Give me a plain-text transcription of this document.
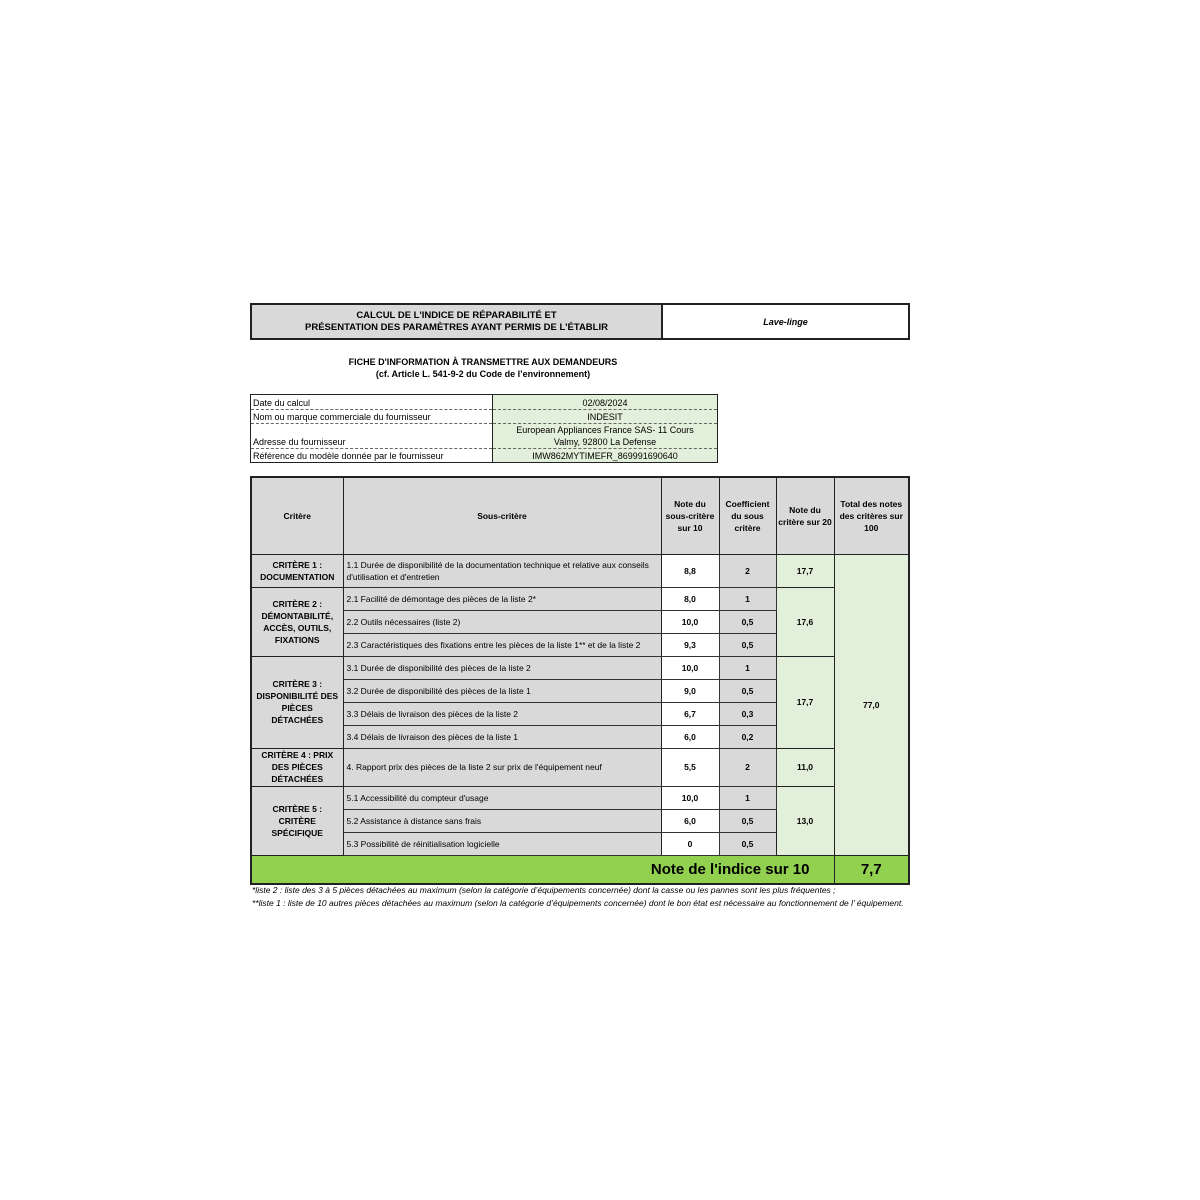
CALCUL DE L'INDICE DE RÉPARABILITÉ ET
PRÉSENTATION DES PARAMÈTRES AYANT PERMIS DE L'ÉTABLIR	Lave-linge
FICHE D'INFORMATION À TRANSMETTRE AUX DEMANDEURS
(cf. Article L. 541-9-2 du Code de l’environnement)
Date du calcul	02/08/2024
Nom ou marque commerciale du fournisseur	INDESIT
Adresse du fournisseur	European Appliances France SAS- 11 Cours Valmy, 92800 La Defense
Référence du modèle donnée par le fournisseur	IMW862MYTIMEFR_869991690640
Critère	Sous-critère	Note du sous-critère sur 10	Coefficient du sous critère	Note du critère sur 20	Total des notes des critères sur 100
CRITÈRE 1 : DOCUMENTATION	1.1 Durée de disponibilité de la documentation technique et relative aux conseils d'utilisation et d'entretien	8,8	2	17,7	77,0
CRITÈRE 2 : DÉMONTABILITÉ, ACCÈS, OUTILS, FIXATIONS	2.1 Facilité de démontage des pièces de la liste 2*	8,0	1	17,6	
	2.2 Outils nécessaires (liste 2)	10,0	0,5		
	2.3 Caractéristiques des fixations entre les pièces de la liste 1** et de la liste 2	9,3	0,5		
CRITÈRE 3 : DISPONIBILITÉ DES PIÈCES DÉTACHÉES	3.1 Durée de disponibilité des pièces de la liste 2	10,0	1	17,7	
	3.2 Durée de disponibilité des pièces de la liste 1	9,0	0,5		
	3.3 Délais de livraison des pièces de la liste 2	6,7	0,3		
	3.4 Délais de livraison des pièces de la liste 1	6,0	0,2		
CRITÈRE 4 : PRIX DES PIÈCES DÉTACHÉES	4. Rapport prix des pièces de la liste 2 sur prix de l'équipement neuf	5,5	2	11,0	
CRITÈRE 5 : CRITÈRE SPÉCIFIQUE	5.1 Accessibilité du compteur d'usage	10,0	1	13,0	
	5.2 Assistance à distance sans frais	6,0	0,5		
	5.3 Possibilité de réinitialisation logicielle	0	0,5		
Note de l'indice sur 10					7,7
*liste 2 : liste des 3 à 5 pièces détachées au maximum (selon la catégorie d’équipements concernée) dont la casse ou les pannes sont les plus fréquentes ;
**liste 1 : liste de 10 autres pièces détachées au maximum (selon la catégorie d’équipements concernée) dont le bon état est nécessaire au fonctionnement de l’ équipement.
